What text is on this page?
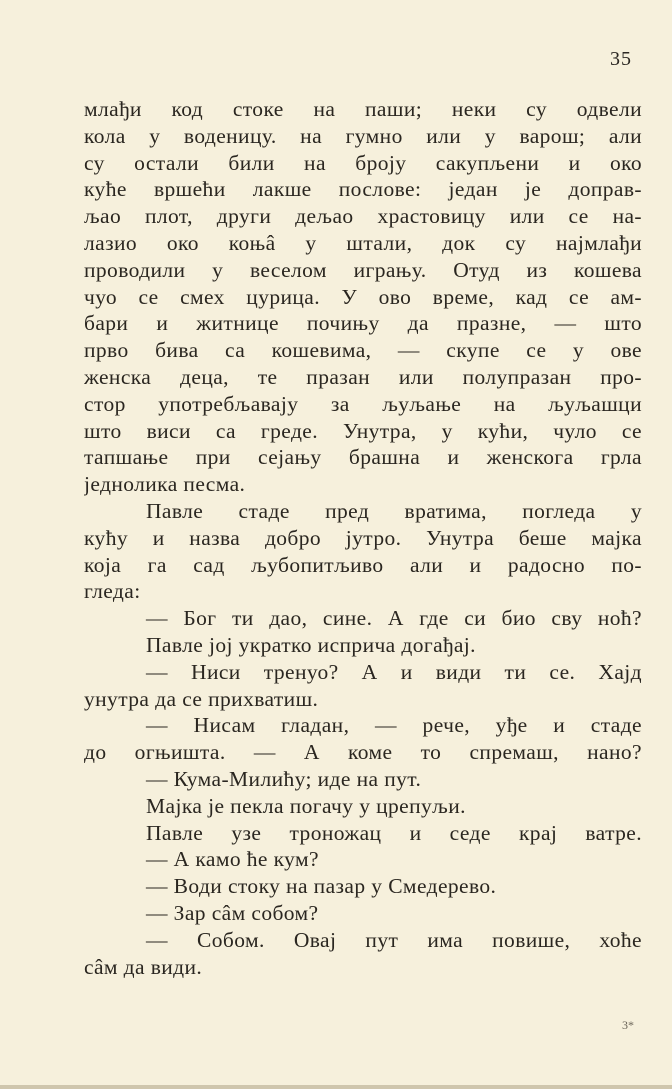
35
млађи код стоке на паши; неки су одвели
кола у воденицу. на гумно или у варош; али
су остали били на броју сакупљени и око
куће вршећи лакше послове: један је доправ-
љао плот, други дељао храстовицу или се на-
лазио око коњâ у штали, док су најмлађи
проводили у веселом игрању. Отуд из кошева
чуо се смех цурица. У ово време, кад се ам-
бари и житнице почињу да празне, — што
прво бива са кошевима, — скупе се у ове
женска деца, те празан или полупразан про-
стор употребљавају за љуљање на љуљашци
што виси са греде. Унутра, у кући, чуло се
тапшање при сејању брашна и женскога грла
једнолика песма.
Павле стаде пред вратима, погледа у
кућу и назва добро јутро. Унутра беше мајка
која га сад љубопитљиво али и радосно по-
гледа:
— Бог ти дао, сине. А где си био сву ноћ?
Павле јој укратко исприча догађај.
— Ниси тренуо? А и види ти се. Хајд
унутра да се прихватиш.
— Нисам гладан, — рече, уђе и стаде
до огњишта. — А коме то спремаш, нано?
— Кума-Милићу; иде на пут.
Мајка је пекла погачу у црепуљи.
Павле узе троножац и седе крај ватре.
— А камо ће кум?
— Води стоку на пазар у Смедерево.
— Зар сâм собом?
— Собом. Овај пут има повише, хоће
сâм да види.
3*
